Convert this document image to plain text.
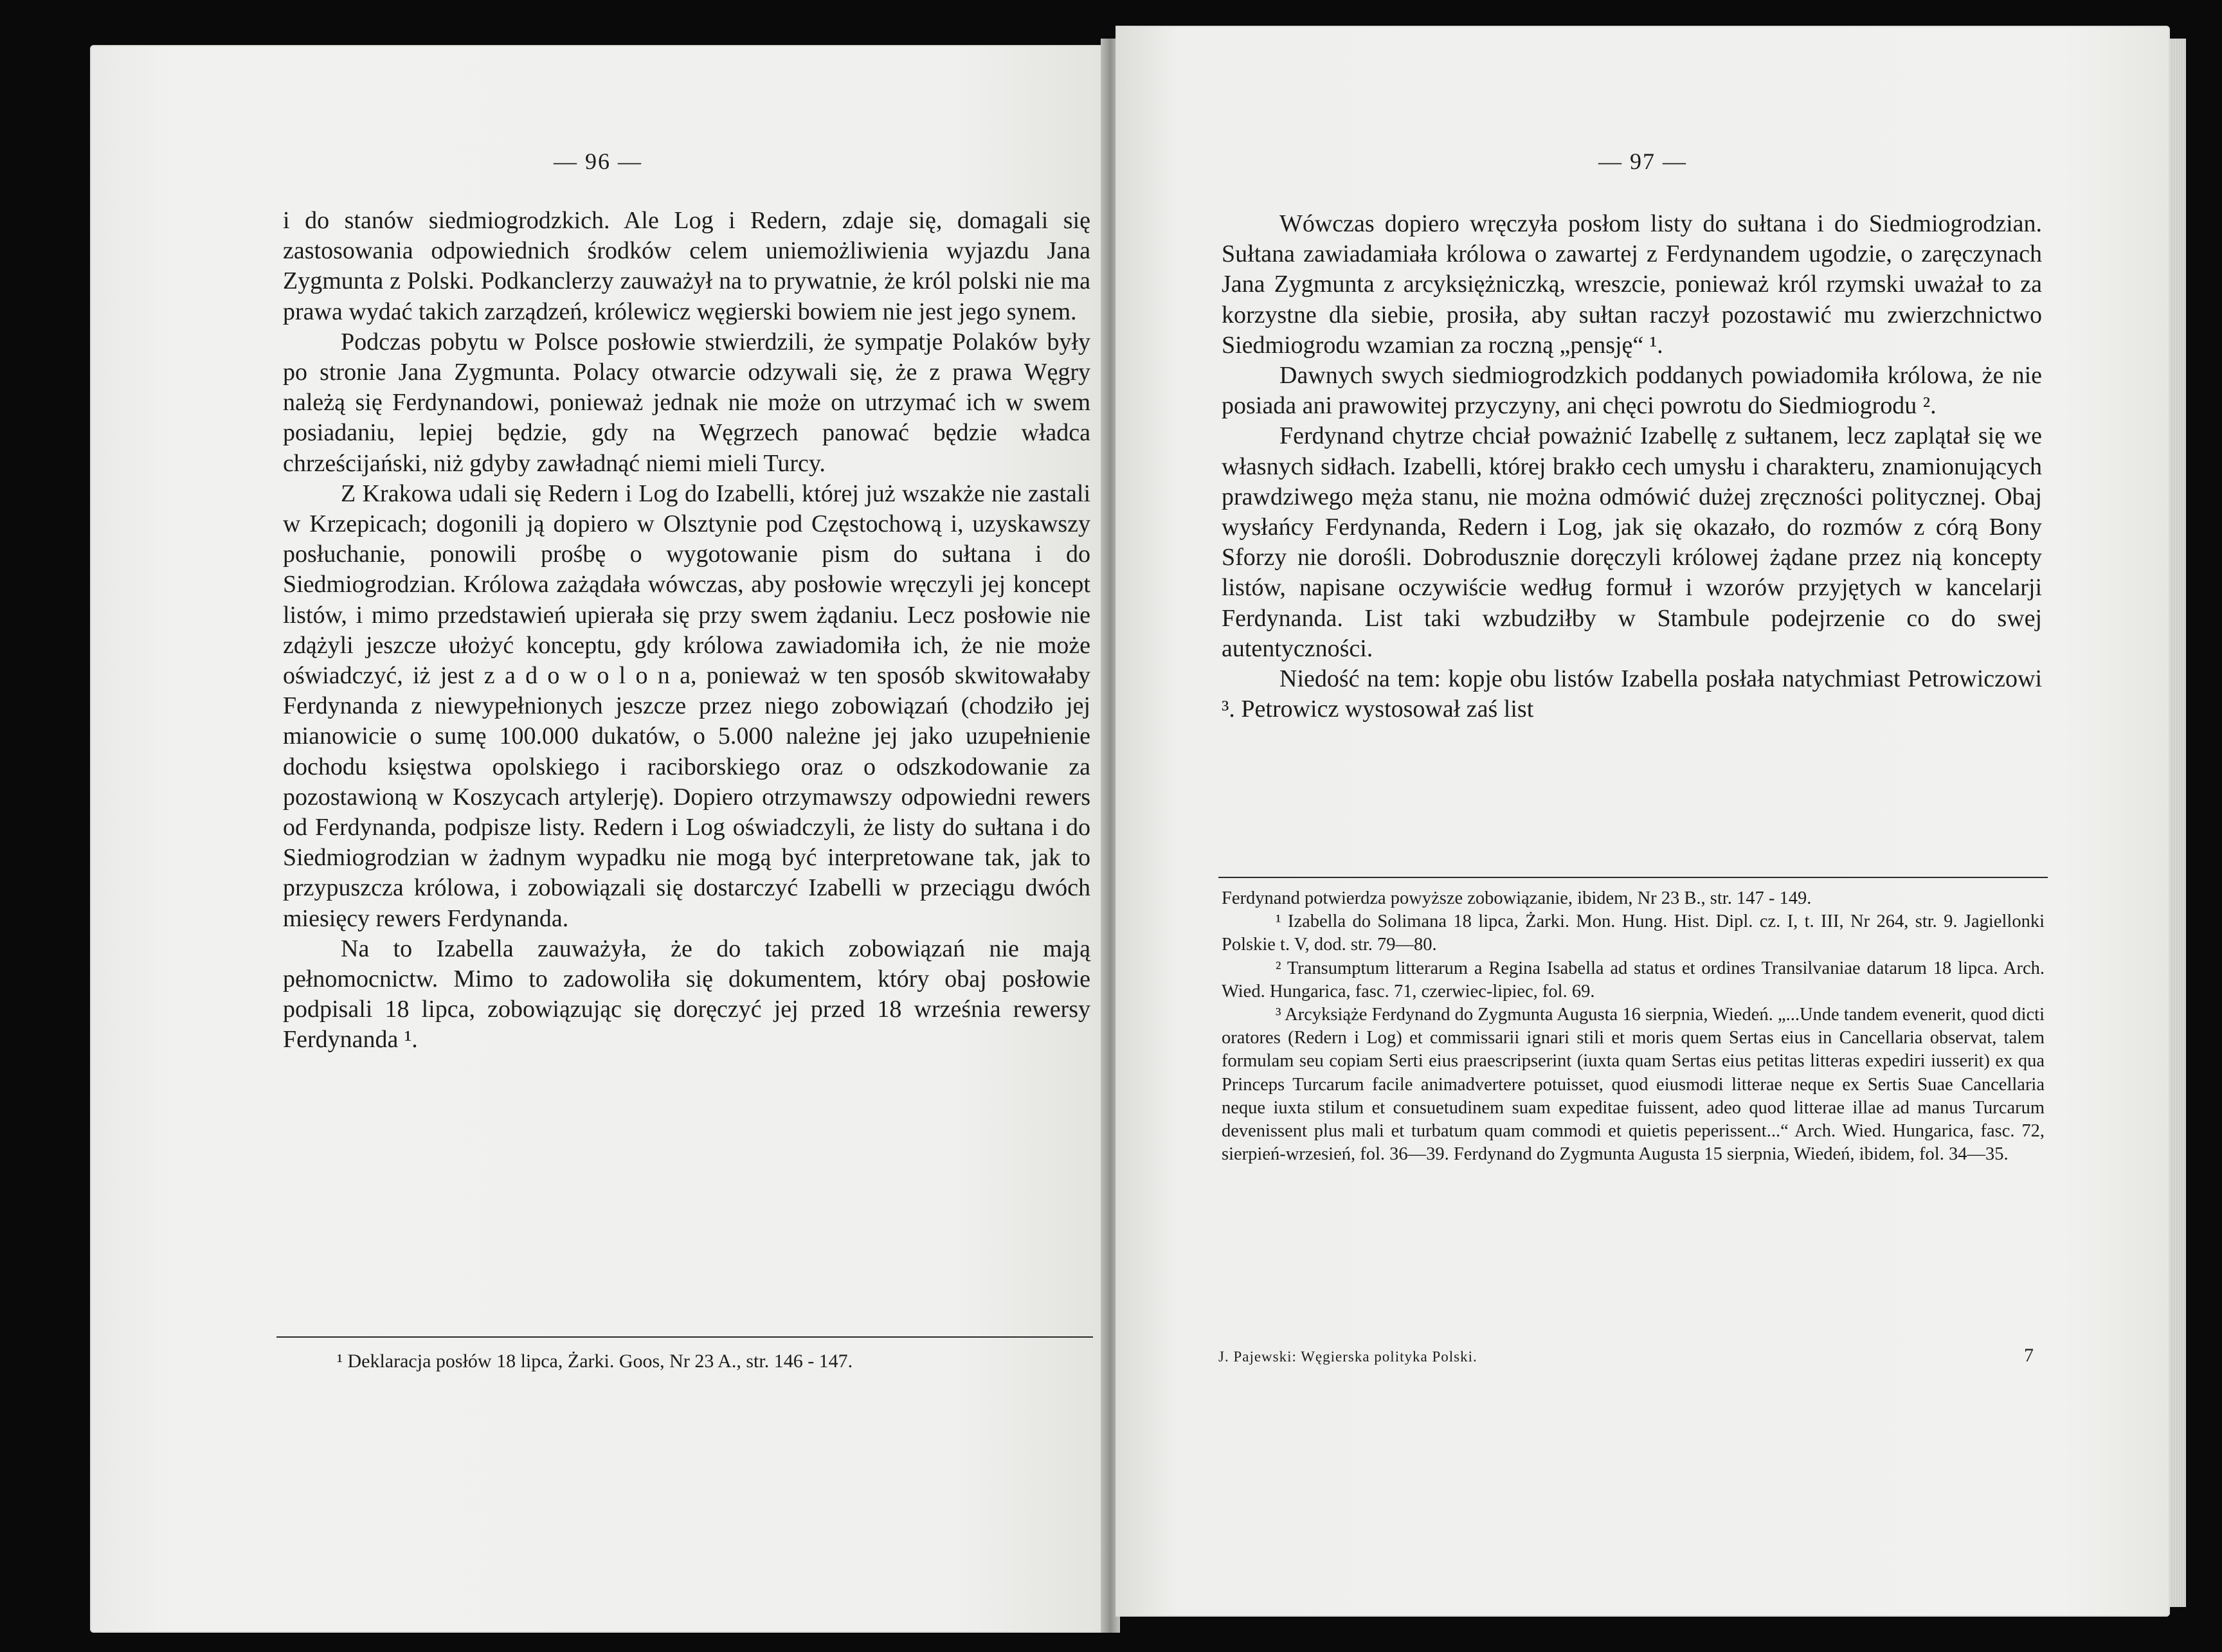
— 96 —

i do stanów siedmiogrodzkich. Ale Log i Redern, zdaje się, domagali się zastosowania odpowiednich środków celem uniemożliwienia wyjazdu Jana Zygmunta z Polski. Podkanclerzy zauważył na to prywatnie, że król polski nie ma prawa wydać takich zarządzeń, królewicz węgierski bowiem nie jest jego synem.

Podczas pobytu w Polsce posłowie stwierdzili, że sympatje Polaków były po stronie Jana Zygmunta. Polacy otwarcie odzywali się, że z prawa Węgry należą się Ferdynandowi, ponieważ jednak nie może on utrzymać ich w swem posiadaniu, lepiej będzie, gdy na Węgrzech panować będzie władca chrześcijański, niż gdyby zawładnąć niemi mieli Turcy.

Z Krakowa udali się Redern i Log do Izabelli, której już wszakże nie zastali w Krzepicach; dogonili ją dopiero w Olsztynie pod Częstochową i, uzyskawszy posłuchanie, ponowili prośbę o wygotowanie pism do sułtana i do Siedmiogrodzian. Królowa zażądała wówczas, aby posłowie wręczyli jej koncept listów, i mimo przedstawień upierała się przy swem żądaniu. Lecz posłowie nie zdążyli jeszcze ułożyć konceptu, gdy królowa zawiadomiła ich, że nie może oświadczyć, iż jest z a d o w o l o n a, ponieważ w ten sposób skwitowałaby Ferdynanda z niewypełnionych jeszcze przez niego zobowiązań (chodziło jej mianowicie o sumę 100.000 dukatów, o 5.000 należne jej jako uzupełnienie dochodu księstwa opolskiego i raciborskiego oraz o odszkodowanie za pozostawioną w Koszycach artylerję). Dopiero otrzymawszy odpowiedni rewers od Ferdynanda, podpisze listy. Redern i Log oświadczyli, że listy do sułtana i do Siedmiogrodzian w żadnym wypadku nie mogą być interpretowane tak, jak to przypuszcza królowa, i zobowiązali się dostarczyć Izabelli w przeciągu dwóch miesięcy rewers Ferdynanda.

Na to Izabella zauważyła, że do takich zobowiązań nie mają pełnomocnictw. Mimo to zadowoliła się dokumentem, który obaj posłowie podpisali 18 lipca, zobowiązując się doręczyć jej przed 18 września rewersy Ferdynanda ¹.

¹ Deklaracja posłów 18 lipca, Żarki. Goos, Nr 23 A., str. 146 - 147.

— 97 —

Wówczas dopiero wręczyła posłom listy do sułtana i do Siedmiogrodzian. Sułtana zawiadamiała królowa o zawartej z Ferdynandem ugodzie, o zaręczynach Jana Zygmunta z arcyksiężniczką, wreszcie, ponieważ król rzymski uważał to za korzystne dla siebie, prosiła, aby sułtan raczył pozostawić mu zwierzchnictwo Siedmiogrodu wzamian za roczną „pensję“ ¹.

Dawnych swych siedmiogrodzkich poddanych powiadomiła królowa, że nie posiada ani prawowitej przyczyny, ani chęci powrotu do Siedmiogrodu ².

Ferdynand chytrze chciał poważnić Izabellę z sułtanem, lecz zaplątał się we własnych sidłach. Izabelli, której brakło cech umysłu i charakteru, znamionujących prawdziwego męża stanu, nie można odmówić dużej zręczności politycznej. Obaj wysłańcy Ferdynanda, Redern i Log, jak się okazało, do rozmów z córą Bony Sforzy nie dorośli. Dobrodusznie doręczyli królowej żądane przez nią koncepty listów, napisane oczywiście według formuł i wzorów przyjętych w kancelarji Ferdynanda. List taki wzbudziłby w Stambule podejrzenie co do swej autentyczności.

Niedość na tem: kopje obu listów Izabella posłała natychmiast Petrowiczowi ³. Petrowicz wystosował zaś list

Ferdynand potwierdza powyższe zobowiązanie, ibidem, Nr 23 B., str. 147 - 149.

¹ Izabella do Solimana 18 lipca, Żarki. Mon. Hung. Hist. Dipl. cz. I, t. III, Nr 264, str. 9. Jagiellonki Polskie t. V, dod. str. 79—80.

² Transumptum litterarum a Regina Isabella ad status et ordines Transilvaniae datarum 18 lipca. Arch. Wied. Hungarica, fasc. 71, czerwiec-lipiec, fol. 69.

³ Arcyksiąże Ferdynand do Zygmunta Augusta 16 sierpnia, Wiedeń. „...Unde tandem evenerit, quod dicti oratores (Redern i Log) et commissarii ignari stili et moris quem Sertas eius in Cancellaria observat, talem formulam seu copiam Serti eius praescripserint (iuxta quam Sertas eius petitas litteras expediri iusserit) ex qua Princeps Turcarum facile animadvertere potuisset, quod eiusmodi litterae neque ex Sertis Suae Cancellaria neque iuxta stilum et consuetudinem suam expeditae fuissent, adeo quod litterae illae ad manus Turcarum devenissent plus mali et turbatum quam commodi et quietis peperissent...“ Arch. Wied. Hungarica, fasc. 72, sierpień-wrzesień, fol. 36—39. Ferdynand do Zygmunta Augusta 15 sierpnia, Wiedeń, ibidem, fol. 34—35.

J. Pajewski: Węgierska polityka Polski.	7
